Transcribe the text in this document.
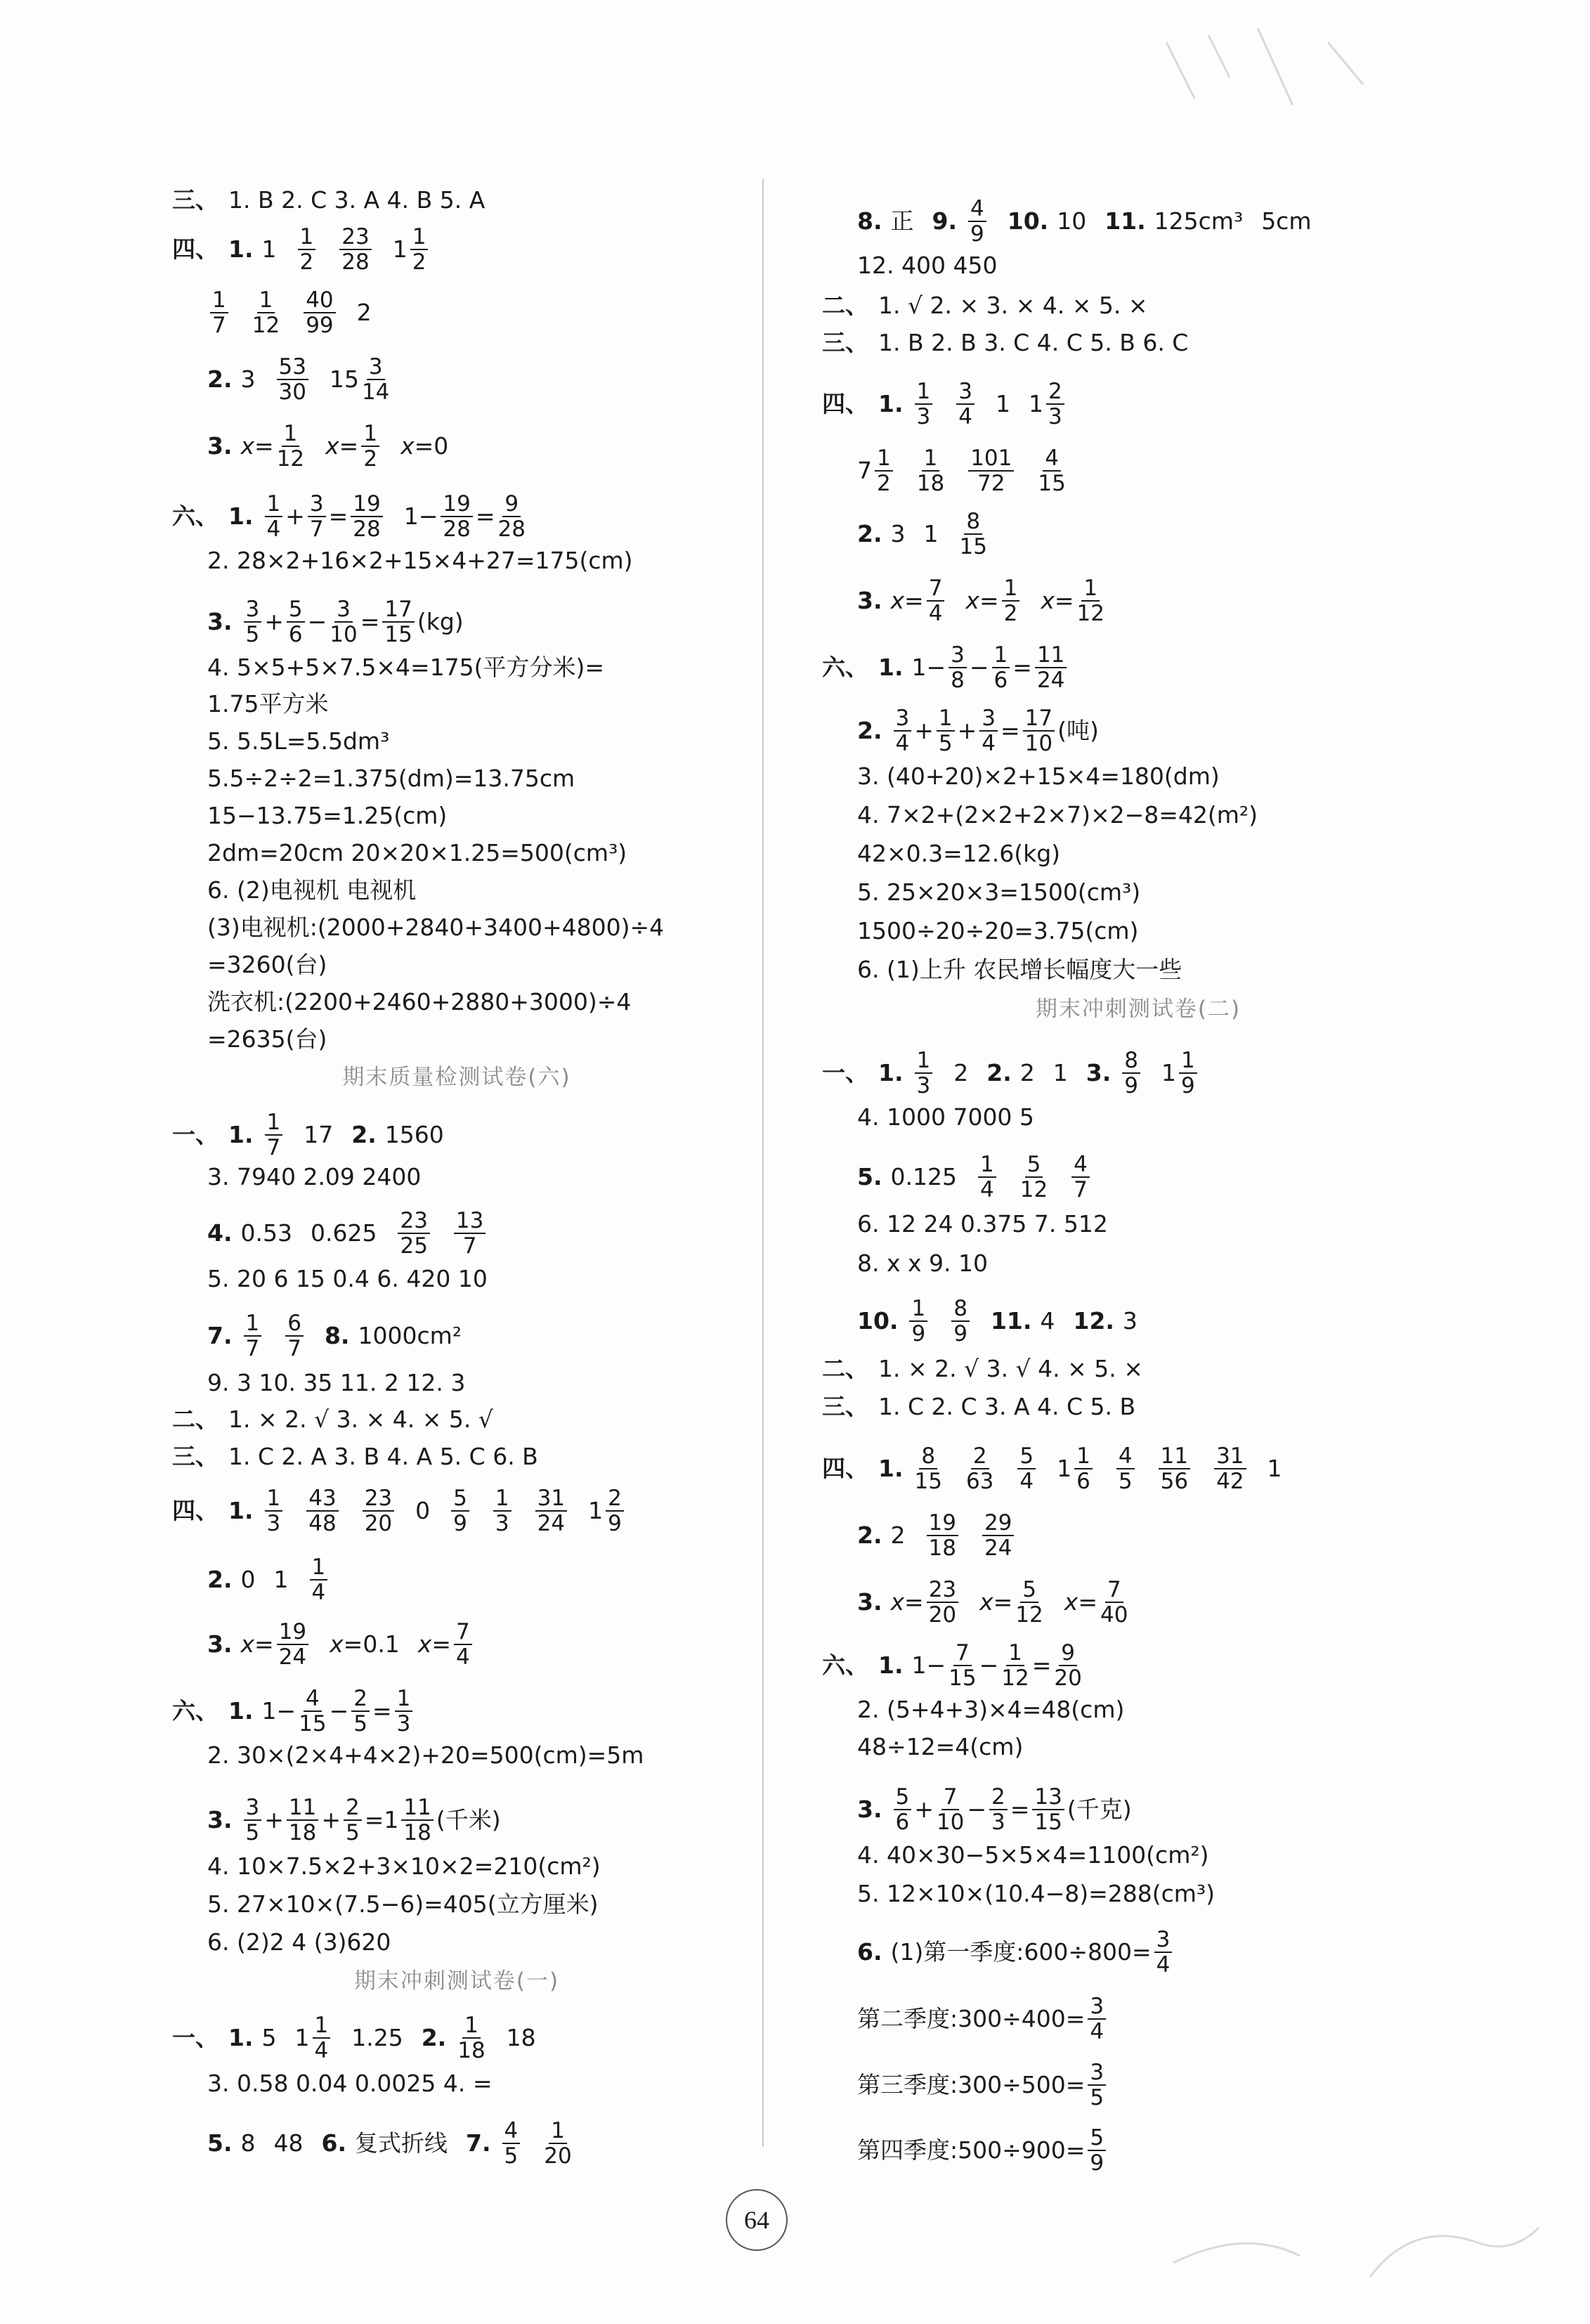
三、 1. B 2. C 3. A 4. B 5. A
四、 1. 1 1
2
23
28 1 1
2
1
7
1
12
40
99 2
2. 3 53
30 15 3
14
3. x = 1
12 x = 1
2 x =0
六、 1. 1
4 + 3
7 = 19
28 1− 19
28 = 9
28
2. 28×2+16×2+15×4+27=175(cm)
3. 3
5 + 5
6 − 3
10 = 17
15 (kg)
4. 5×5+5×7.5×4=175(平方分米)=
1.75平方米
5. 5.5L=5.5dm³
5.5÷2÷2=1.375(dm)=13.75cm
15−13.75=1.25(cm)
2dm=20cm 20×20×1.25=500(cm³)
6. (2)电视机 电视机
(3)电视机:(2000+2840+3400+4800)÷4
=3260(台)
洗衣机:(2200+2460+2880+3000)÷4
=2635(台)
期末质量检测试卷(六)
一、 1. 1
7 17 2. 1560
3. 7940 2.09 2400
4. 0.53 0.625 23
25
13
7
5. 20 6 15 0.4 6. 420 10
7. 1
7
6
7 8. 1000cm²
9. 3 10. 35 11. 2 12. 3
二、 1. × 2. √ 3. × 4. × 5. √
三、 1. C 2. A 3. B 4. A 5. C 6. B
四、 1. 1
3
43
48
23
20 0 5
9
1
3
31
24 1 2
9
2. 0 1 1
4
3. x = 19
24 x =0.1 x = 7
4
六、 1. 1− 4
15 − 2
5 = 1
3
2. 30×(2×4+4×2)+20=500(cm)=5m
3. 3
5 + 11
18 + 2
5 =1 11
18 (千米)
4. 10×7.5×2+3×10×2=210(cm²)
5. 27×10×(7.5−6)=405(立方厘米)
6. (2)2 4 (3)620
期末冲刺测试卷(一)
一、 1. 5 1 1
4 1.25 2. 1
18 18
3. 0.58 0.04 0.0025 4. =
5. 8 48 6. 复式折线 7. 4
5
1
20
8. 正 9. 4
9 10. 10 11. 125cm³ 5cm
12. 400 450
二、 1. √ 2. × 3. × 4. × 5. ×
三、 1. B 2. B 3. C 4. C 5. B 6. C
四、 1. 1
3
3
4 1 1 2
3
7 1
2
1
18
101
72
4
15
2. 3 1 8
15
3. x = 7
4 x = 1
2 x = 1
12
六、 1. 1− 3
8 − 1
6 = 11
24
2. 3
4 + 1
5 + 3
4 = 17
10 (吨)
3. (40+20)×2+15×4=180(dm)
4. 7×2+(2×2+2×7)×2−8=42(m²)
42×0.3=12.6(kg)
5. 25×20×3=1500(cm³)
1500÷20÷20=3.75(cm)
6. (1)上升 农民增长幅度大一些
期末冲刺测试卷(二)
一、 1. 1
3 2 2. 2 1 3. 8
9 1 1
9
4. 1000 7000 5
5. 0.125 1
4
5
12
4
7
6. 12 24 0.375 7. 512
8. x x 9. 10
10. 1
9
8
9 11. 4 12. 3
二、 1. × 2. √ 3. √ 4. × 5. ×
三、 1. C 2. C 3. A 4. C 5. B
四、 1. 8
15
2
63
5
4 1 1
6
4
5
11
56
31
42 1
2. 2 19
18
29
24
3. x = 23
20 x = 5
12 x = 7
40
六、 1. 1− 7
15 − 1
12 = 9
20
2. (5+4+3)×4=48(cm)
48÷12=4(cm)
3. 5
6 + 7
10 − 2
3 = 13
15 (千克)
4. 40×30−5×5×4=1100(cm²)
5. 12×10×(10.4−8)=288(cm³)
6. (1)第一季度:600÷800= 3
4
第二季度:300÷400= 3
4
第三季度:300÷500= 3
5
第四季度:500÷900= 5
9
64
